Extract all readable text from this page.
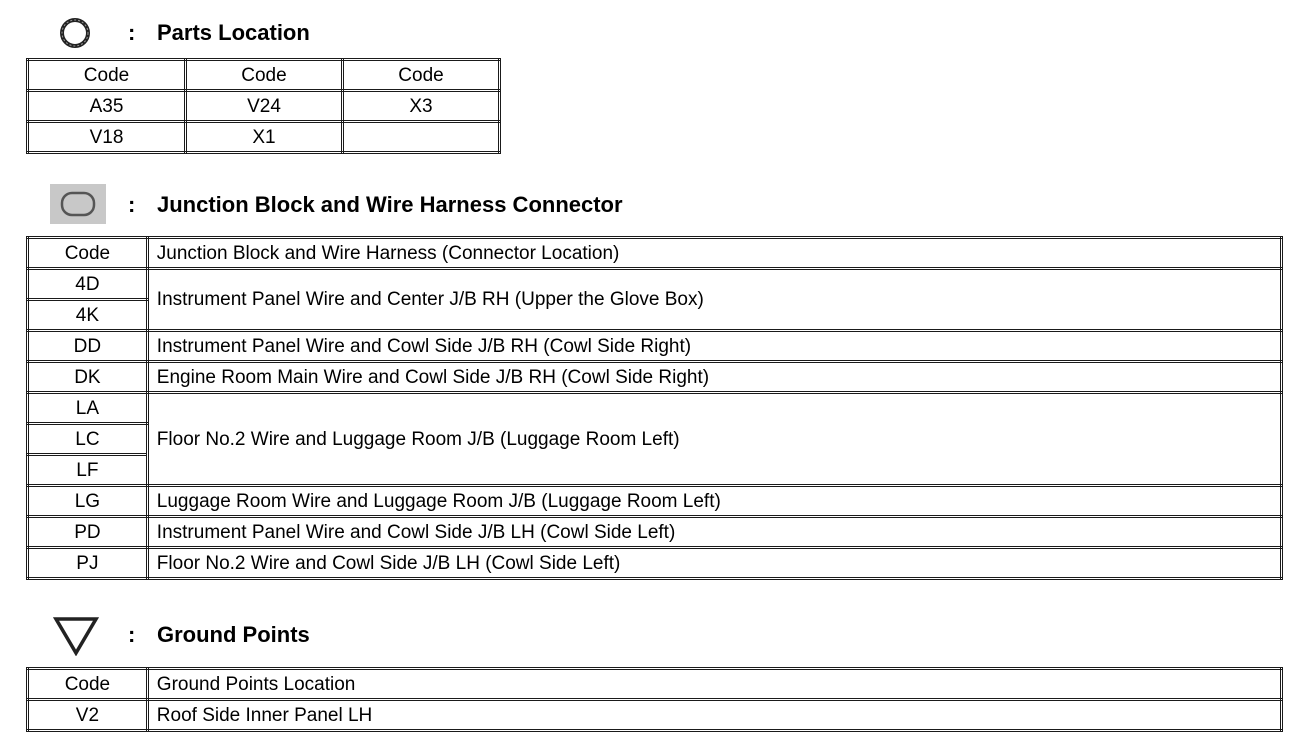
: Parts Location
Code	Code	Code
A35	V24	X3
V18	X1	
: Junction Block and Wire Harness Connector
Code	Junction Block and Wire Harness (Connector Location)
4D	Instrument Panel Wire and Center J/B RH (Upper the Glove Box)
4K	
DD	Instrument Panel Wire and Cowl Side J/B RH (Cowl Side Right)
DK	Engine Room Main Wire and Cowl Side J/B RH (Cowl Side Right)
LA	Floor No.2 Wire and Luggage Room J/B (Luggage Room Left)
LC	
LF	
LG	Luggage Room Wire and Luggage Room J/B (Luggage Room Left)
PD	Instrument Panel Wire and Cowl Side J/B LH (Cowl Side Left)
PJ	Floor No.2 Wire and Cowl Side J/B LH (Cowl Side Left)
: Ground Points
Code	Ground Points Location
V2	Roof Side Inner Panel LH
